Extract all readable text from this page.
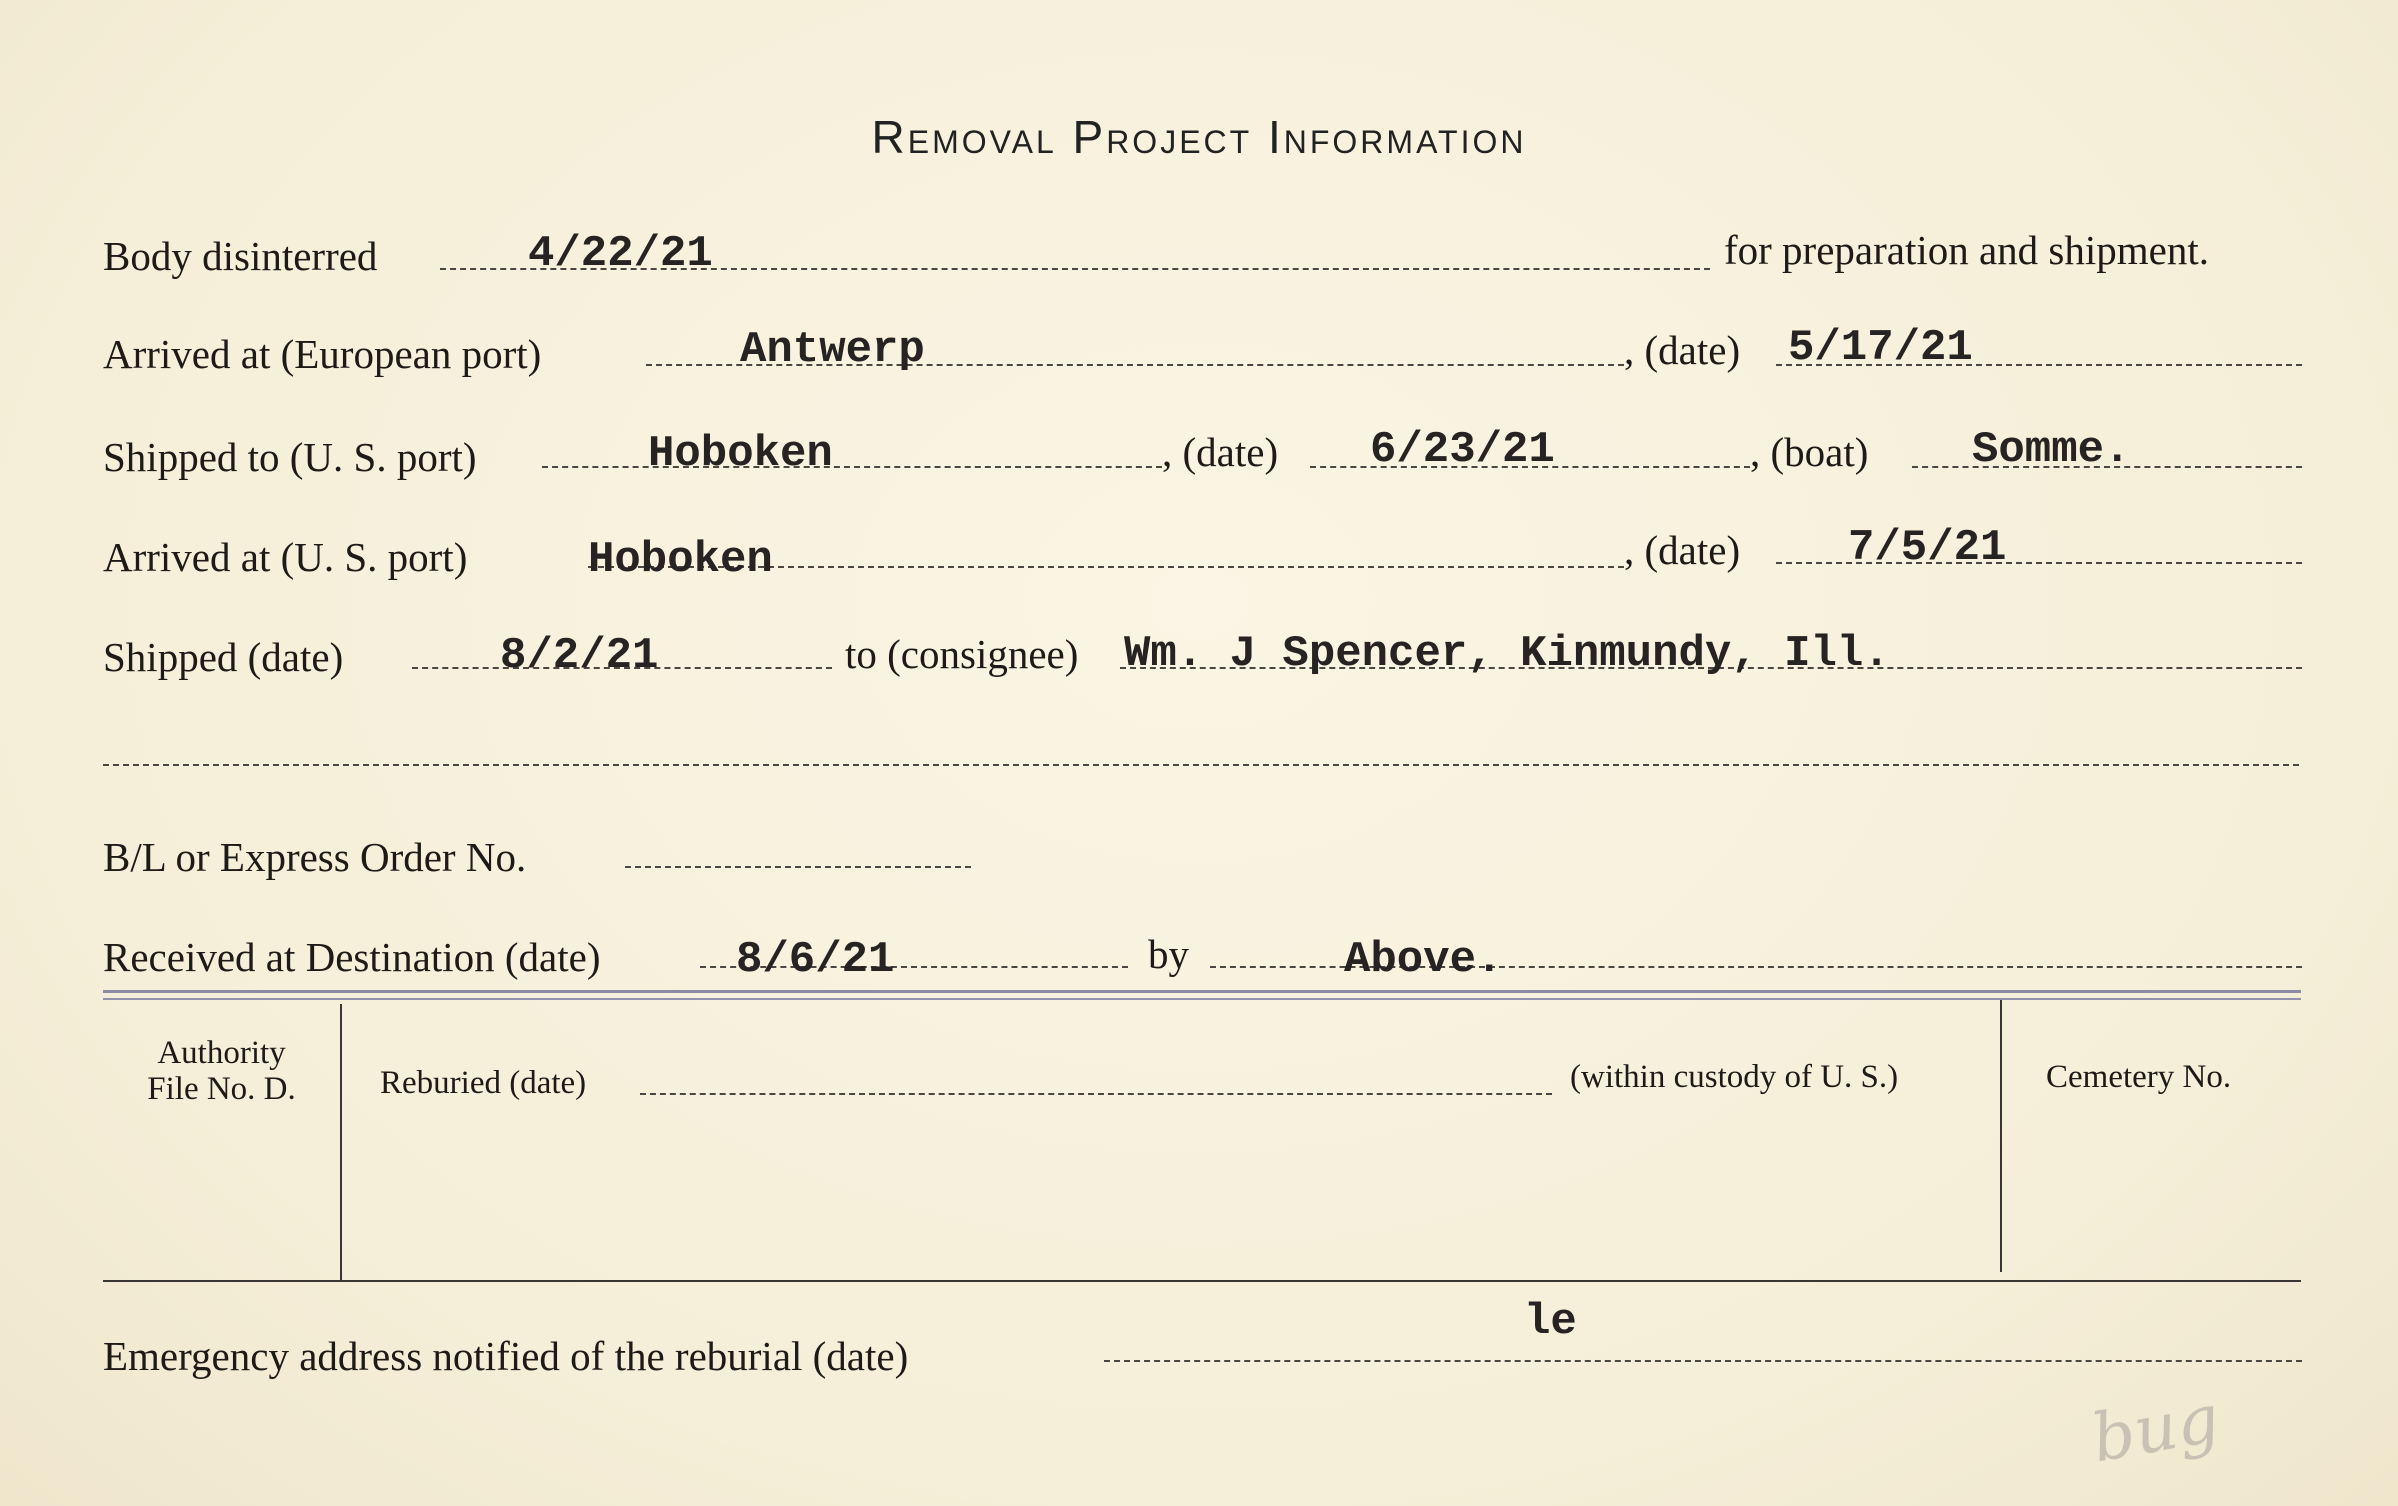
Removal Project Information
Body disinterred	4/22/21	for preparation and shipment.
Arrived at (European port)	Antwerp	, (date) 5/17/21
Shipped to (U. S. port)	Hoboken	, (date) 6/23/21	, (boat) Somme.
Arrived at (U. S. port)	Hoboken	, (date) 7/5/21
Shipped (date)	8/2/21	to (consignee) Wm. J Spencer, Kinmundy, Ill.
B/L or Express Order No.
Received at Destination (date)	8/6/21	by	Above.
Authority
File No. D.	Reburied (date)	(within custody of U. S.)	Cemetery No.
le
Emergency address notified of the reburial (date)
bug
